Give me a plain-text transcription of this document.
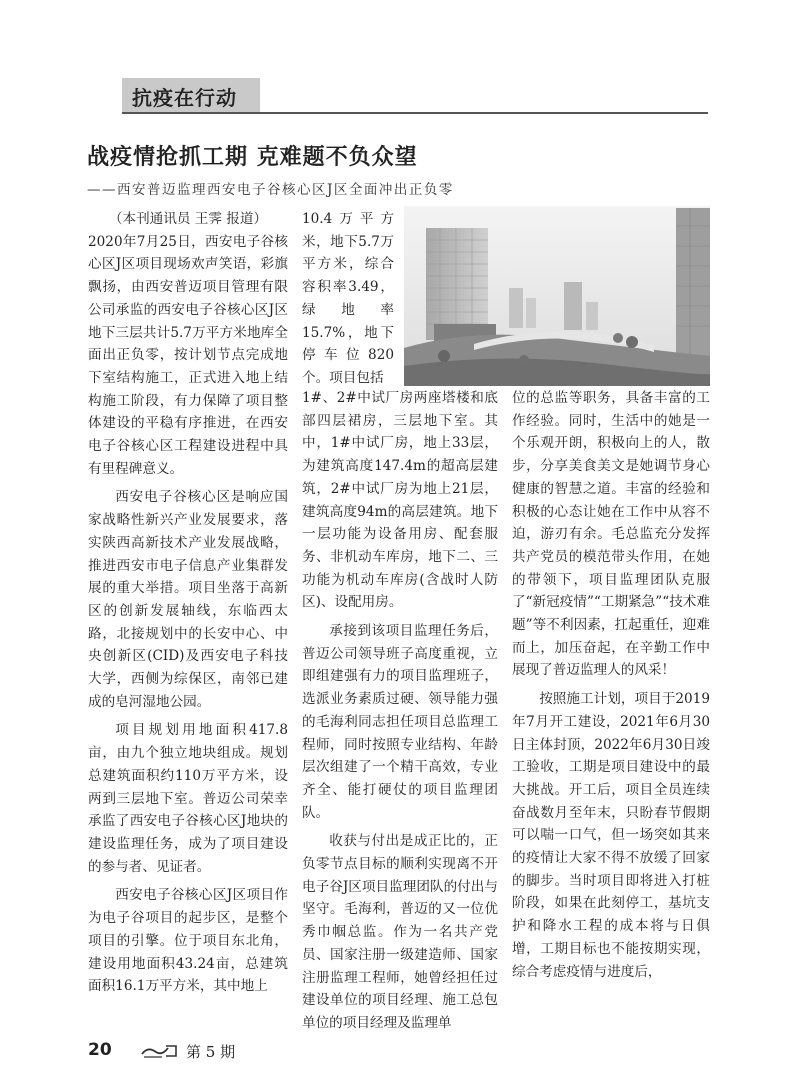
抗疫在行动
战疫情抢抓工期 克难题不负众望
——西安普迈监理西安电子谷核心区J区全面冲出正负零

（本刊通讯员 王霁 报道）

2020年7月25日，西安电子谷核心区J区项目现场欢声笑语，彩旗飘扬，由西安普迈项目管理有限公司承监的西安电子谷核心区J区地下三层共计5.7万平方米地库全面出正负零，按计划节点完成地下室结构施工，正式进入地上结构施工阶段，有力保障了项目整体建设的平稳有序推进，在西安电子谷核心区工程建设进程中具有里程碑意义。

西安电子谷核心区是响应国家战略性新兴产业发展要求，落实陕西高新技术产业发展战略，推进西安市电子信息产业集群发展的重大举措。项目坐落于高新区的创新发展轴线，东临西太路，北接规划中的长安中心、中央创新区(CID)及西安电子科技大学，西侧为综保区，南邻已建成的皂河湿地公园。

项目规划用地面积417.8亩，由九个独立地块组成。规划总建筑面积约110万平方米，设两到三层地下室。普迈公司荣幸承监了西安电子谷核心区J地块的建设监理任务，成为了项目建设的参与者、见证者。

西安电子谷核心区J区项目作为电子谷项目的起步区，是整个项目的引擎。位于项目东北角，建设用地面积43.24亩，总建筑面积16.1万平方米，其中地上

10.4万平方米，地下5.7万平方米，综合容积率3.49，绿地率15.7%，地下停车位820个。项目包括

1#、2#中试厂房两座塔楼和底部四层裙房，三层地下室。其中，1#中试厂房，地上33层，为建筑高度147.4m的超高层建筑，2#中试厂房为地上21层，建筑高度94m的高层建筑。地下一层功能为设备用房、配套服务、非机动车库房，地下二、三功能为机动车库房(含战时人防区)、设配用房。

承接到该项目监理任务后，普迈公司领导班子高度重视，立即组建强有力的项目监理班子，选派业务素质过硬、领导能力强的毛海利同志担任项目总监理工程师，同时按照专业结构、年龄层次组建了一个精干高效，专业齐全、能打硬仗的项目监理团队。

收获与付出是成正比的，正负零节点目标的顺利实现离不开电子谷J区项目监理团队的付出与坚守。毛海利，普迈的又一位优秀巾帼总监。作为一名共产党员、国家注册一级建造师、国家注册监理工程师，她曾经担任过建设单位的项目经理、施工总包单位的项目经理及监理单

位的总监等职务，具备丰富的工作经验。同时，生活中的她是一个乐观开朗，积极向上的人，散步，分享美食美文是她调节身心健康的智慧之道。丰富的经验和积极的心态让她在工作中从容不迫，游刃有余。毛总监充分发挥共产党员的模范带头作用，在她的带领下，项目监理团队克服了“新冠疫情”“工期紧急”“技术难题”等不利因素，扛起重任，迎难而上，加压奋起，在辛勤工作中展现了普迈监理人的风采！

按照施工计划，项目于2019年7月开工建设，2021年6月30日主体封顶，2022年6月30日竣工验收，工期是项目建设中的最大挑战。开工后，项目全员连续奋战数月至年末，只盼春节假期可以喘一口气，但一场突如其来的疫情让大家不得不放缓了回家的脚步。当时项目即将进入打桩阶段，如果在此刻停工，基坑支护和降水工程的成本将与日俱增，工期目标也不能按期实现，综合考虑疫情与进度后，

20	第 5 期
